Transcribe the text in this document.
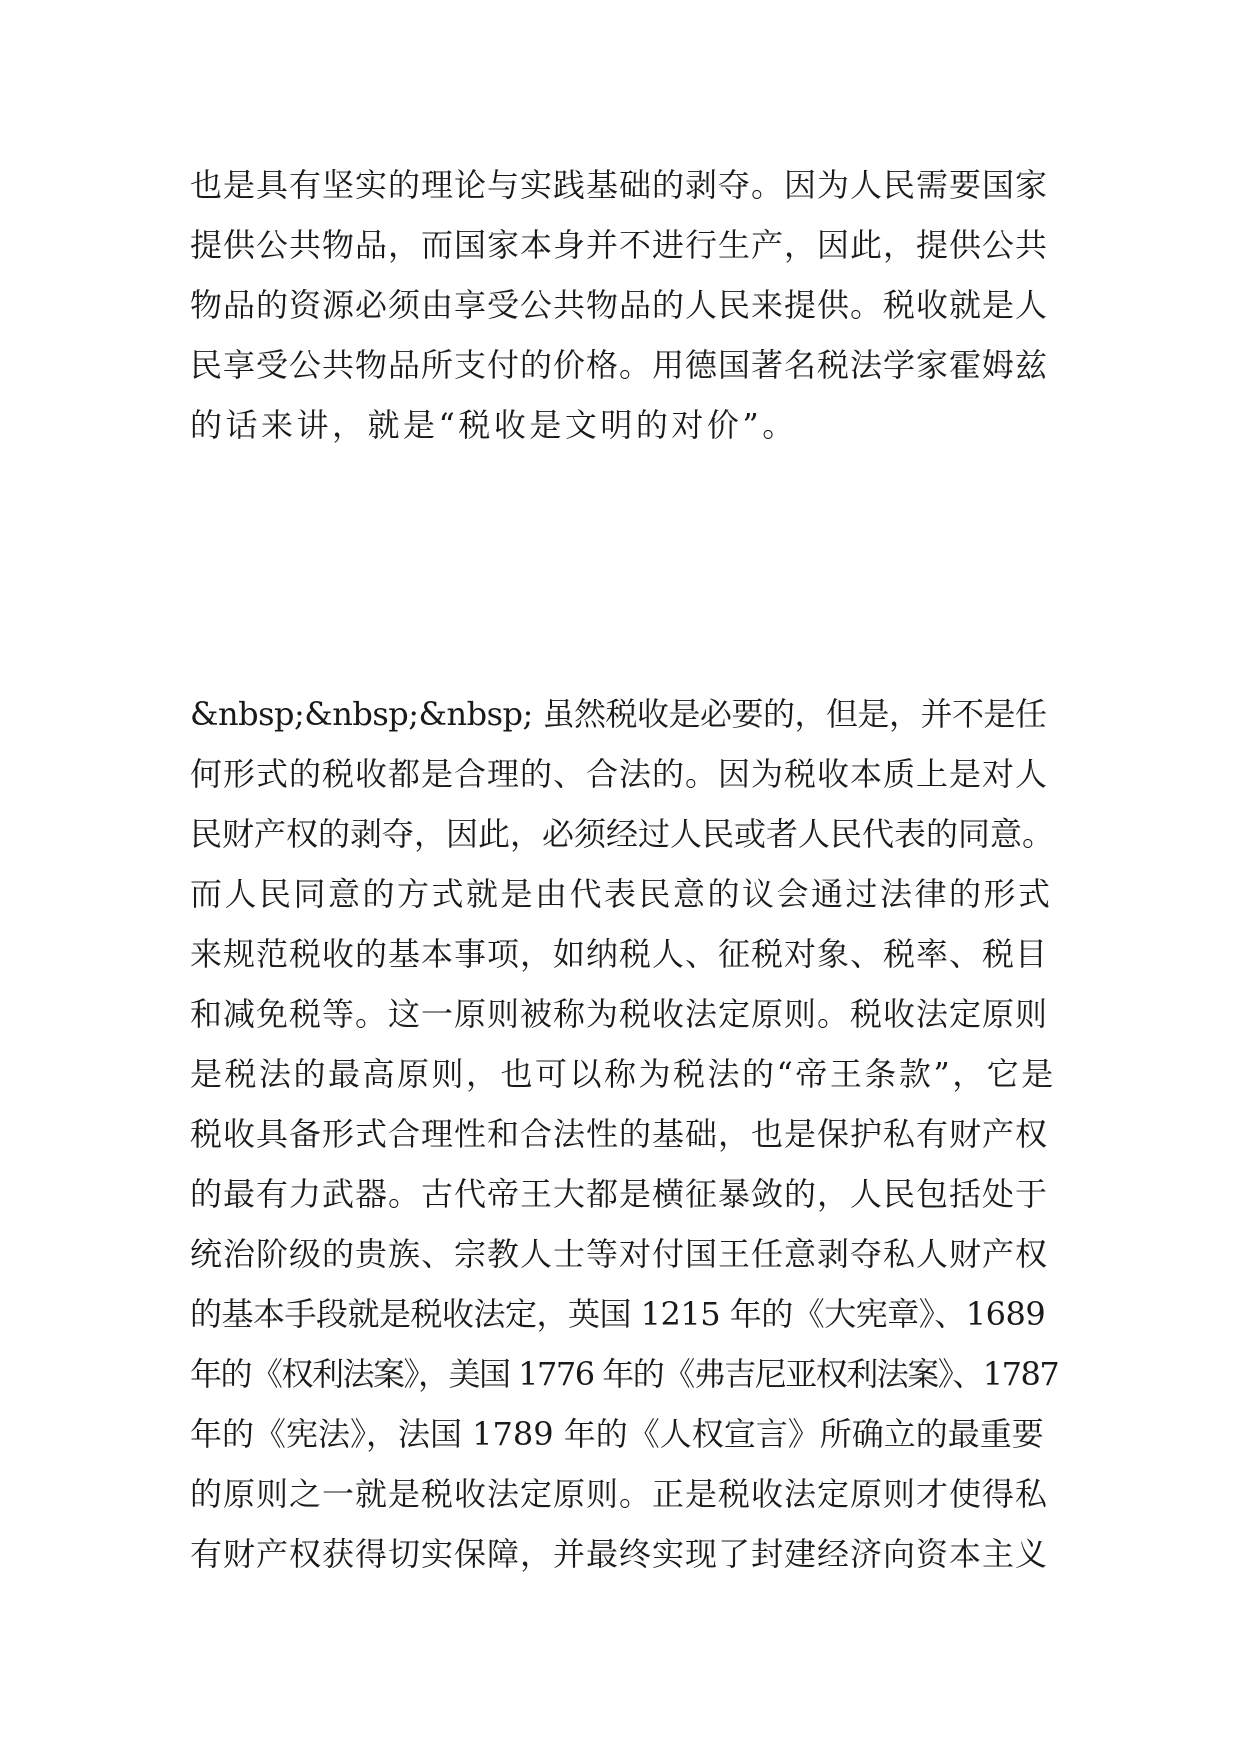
也是具有坚实的理论与实践基础的剥夺。因为人民需要国家
提供公共物品，而国家本身并不进行生产，因此，提供公共
物品的资源必须由享受公共物品的人民来提供。税收就是人
民享受公共物品所支付的价格。用德国著名税法学家霍姆兹
的话来讲，就是“税收是文明的对价”。
&nbsp;&nbsp;&nbsp; 虽然税收是必要的，但是，并不是任
何形式的税收都是合理的、合法的。因为税收本质上是对人
民财产权的剥夺，因此，必须经过人民或者人民代表的同意。
而人民同意的方式就是由代表民意的议会通过法律的形式
来规范税收的基本事项，如纳税人、征税对象、税率、税目
和减免税等。这一原则被称为税收法定原则。税收法定原则
是税法的最高原则，也可以称为税法的“帝王条款”，它是
税收具备形式合理性和合法性的基础，也是保护私有财产权
的最有力武器。古代帝王大都是横征暴敛的，人民包括处于
统治阶级的贵族、宗教人士等对付国王任意剥夺私人财产权
的基本手段就是税收法定，英国 1215 年的《大宪章》、1689
年的《权利法案》，美国 1776 年的《弗吉尼亚权利法案》、1787
年的《宪法》，法国 1789 年的《人权宣言》所确立的最重要
的原则之一就是税收法定原则。正是税收法定原则才使得私
有财产权获得切实保障，并最终实现了封建经济向资本主义
